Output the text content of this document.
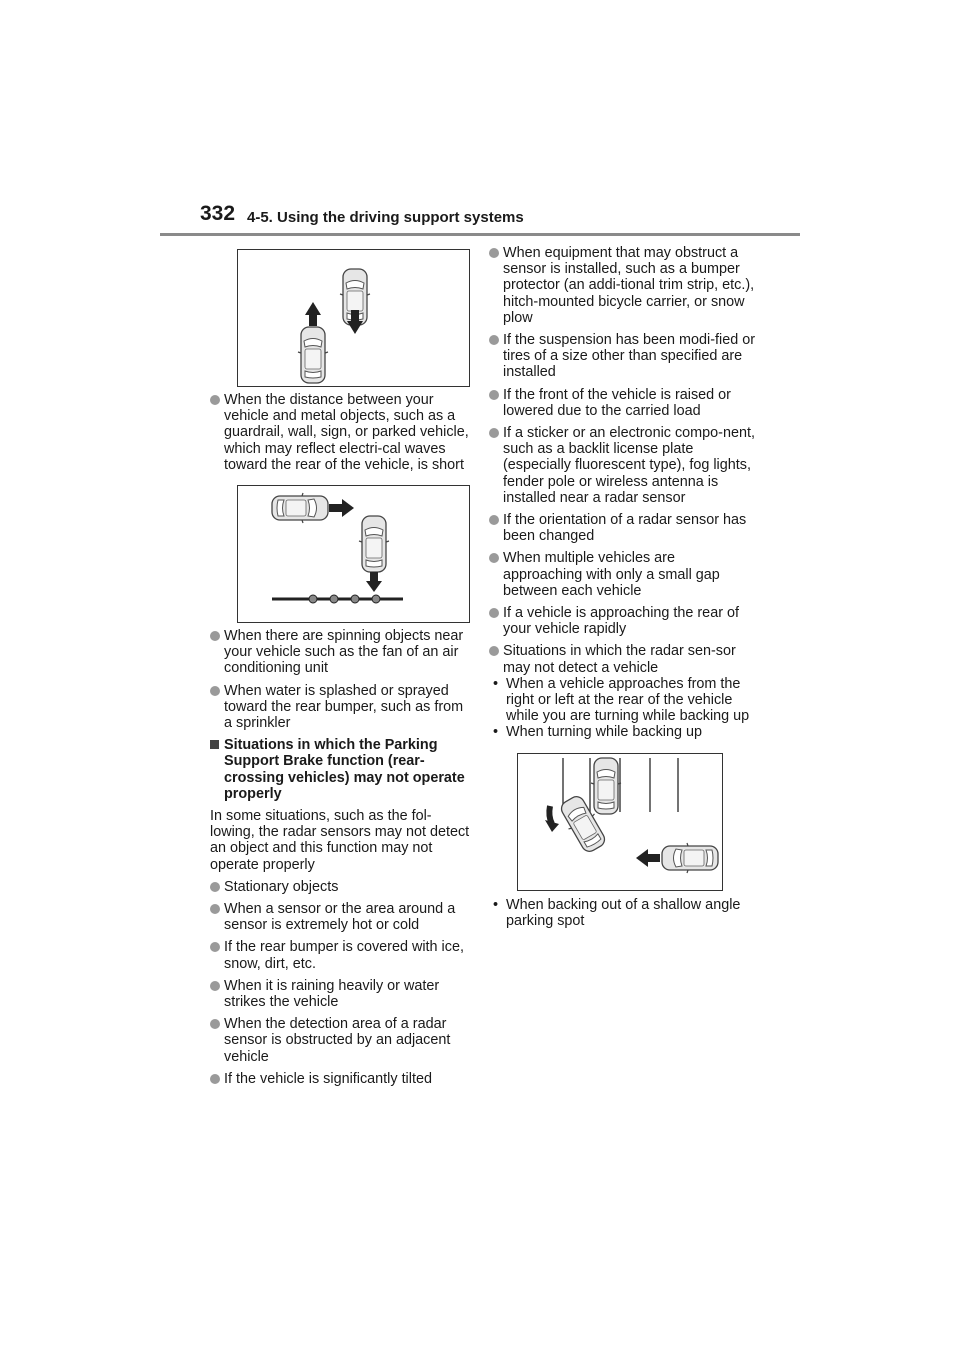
332 4-5. Using the driving support systems
When the distance between your vehicle and metal objects, such as a guardrail, wall, sign, or parked vehicle, which may reflect electri-cal waves toward the rear of the vehicle, is short
When there are spinning objects near your vehicle such as the fan of an air conditioning unit
When water is splashed or sprayed toward the rear bumper, such as from a sprinkler
Situations in which the Parking Support Brake function (rear-crossing vehicles) may not operate properly
In some situations, such as the fol-lowing, the radar sensors may not detect an object and this function may not operate properly
Stationary objects
When a sensor or the area around a sensor is extremely hot or cold
If the rear bumper is covered with ice, snow, dirt, etc.
When it is raining heavily or water strikes the vehicle
When the detection area of a radar sensor is obstructed by an adjacent vehicle
If the vehicle is significantly tilted
When equipment that may obstruct a sensor is installed, such as a bumper protector (an addi-tional trim strip, etc.), hitch-mounted bicycle carrier, or snow plow
If the suspension has been modi-fied or tires of a size other than specified are installed
If the front of the vehicle is raised or lowered due to the carried load
If a sticker or an electronic compo-nent, such as a backlit license plate (especially fluorescent type), fog lights, fender pole or wireless antenna is installed near a radar sensor
If the orientation of a radar sensor has been changed
When multiple vehicles are approaching with only a small gap between each vehicle
If a vehicle is approaching the rear of your vehicle rapidly
Situations in which the radar sen-sor may not detect a vehicle
• When a vehicle approaches from the right or left at the rear of the vehicle while you are turning while backing up
• When turning while backing up
• When backing out of a shallow angle parking spot
